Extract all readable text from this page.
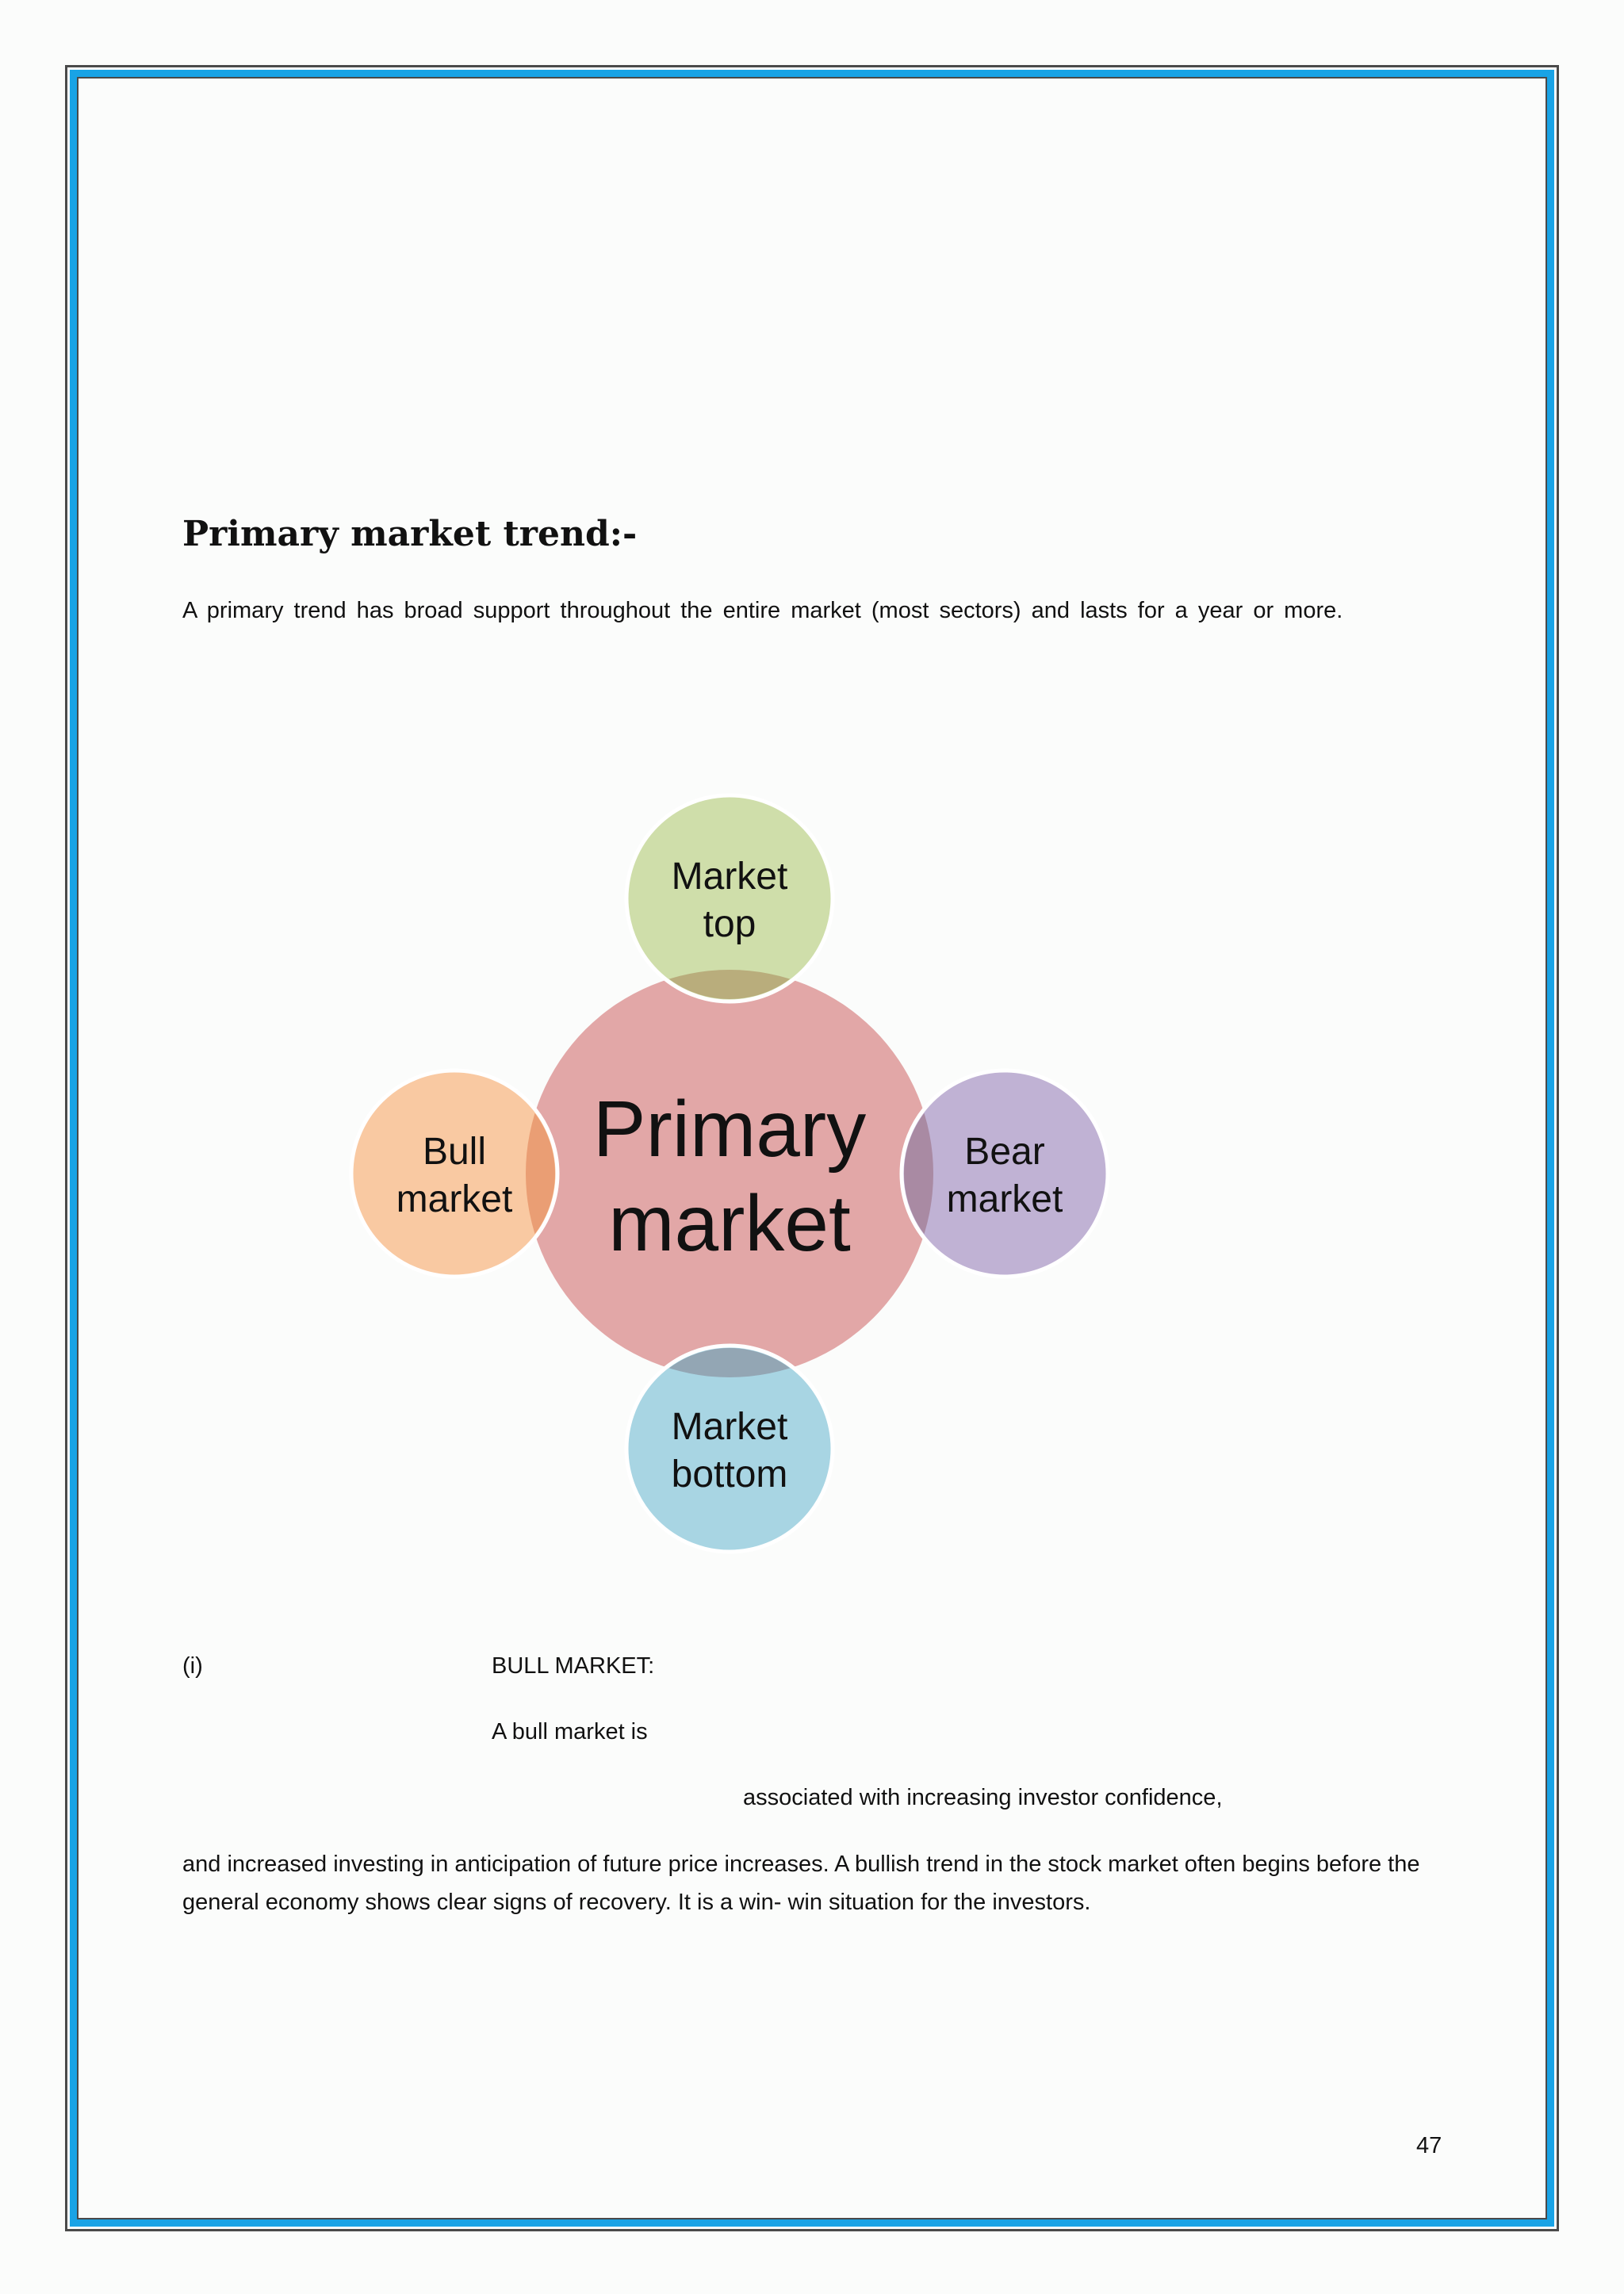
Primary market trend:-

A primary trend has broad support throughout the entire market (most sectors) and lasts for a year or more.

Primary
market
Market
top
Bear
market
Market
bottom
Bull
market

(i)	BULL MARKET:

A bull market is

associated with increasing investor confidence,

and increased investing in anticipation of future price increases. A bullish trend in the stock market often begins before the general economy shows clear signs of recovery. It is a win- win situation for the investors.

47
